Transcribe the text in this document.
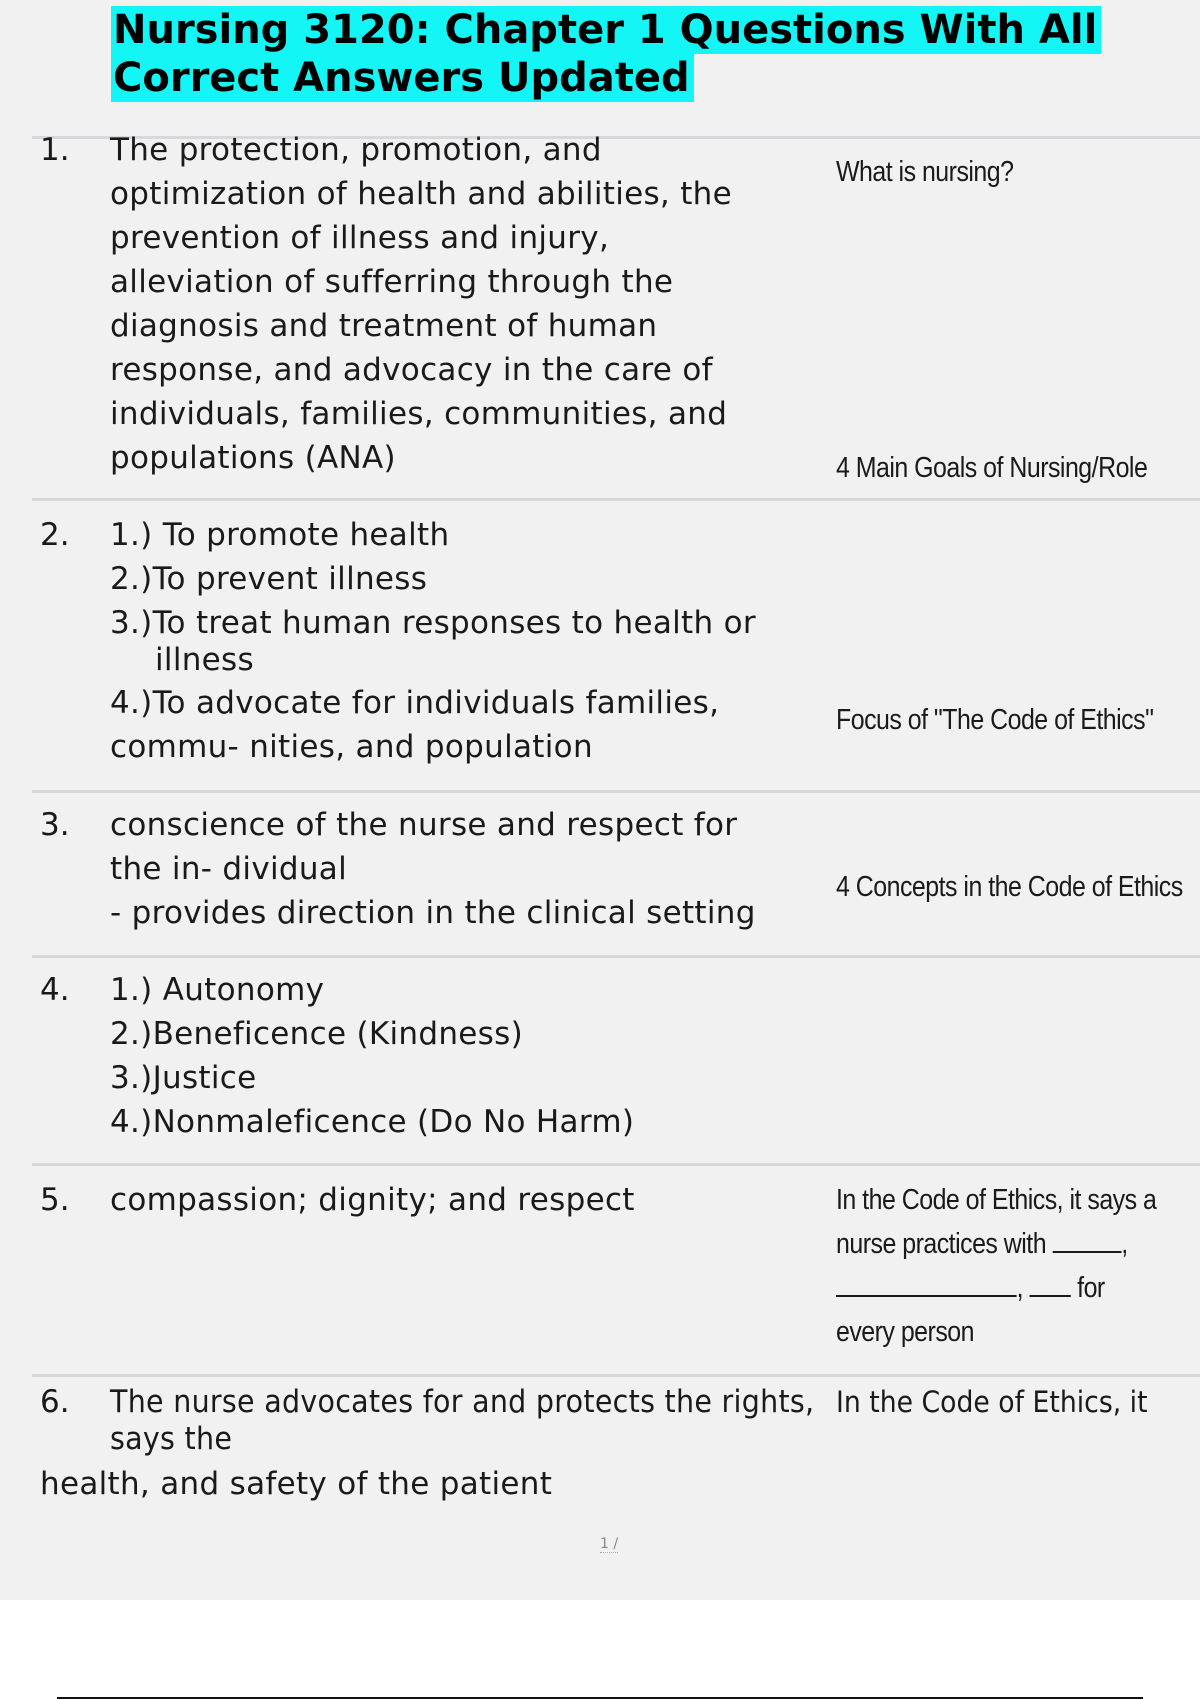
Nursing 3120: Chapter 1 Questions With All
Correct Answers Updated
1. The protection, promotion, and
optimization of health and abilities, the
prevention of illness and injury,
alleviation of sufferring through the
diagnosis and treatment of human
response, and advocacy in the care of
individuals, families, communities, and
populations (ANA)
What is nursing?
4 Main Goals of Nursing/Role
2. 1.) To promote health
2.)To prevent illness
3.)To treat human responses to health or
illness
4.)To advocate for individuals families,
commu- nities, and population
Focus of "The Code of Ethics"
3. conscience of the nurse and respect for
the in- dividual
- provides direction in the clinical setting
4 Concepts in the Code of Ethics
4. 1.) Autonomy
2.)Beneficence (Kindness)
3.)Justice
4.)Nonmaleficence (Do No Harm)
5. compassion; dignity; and respect	In the Code of Ethics, it says a
nurse practices with	,
, for
every person
6. The nurse advocates for and protects the rights,
says the
In the Code of Ethics, it
health, and safety of the patient
1 /
